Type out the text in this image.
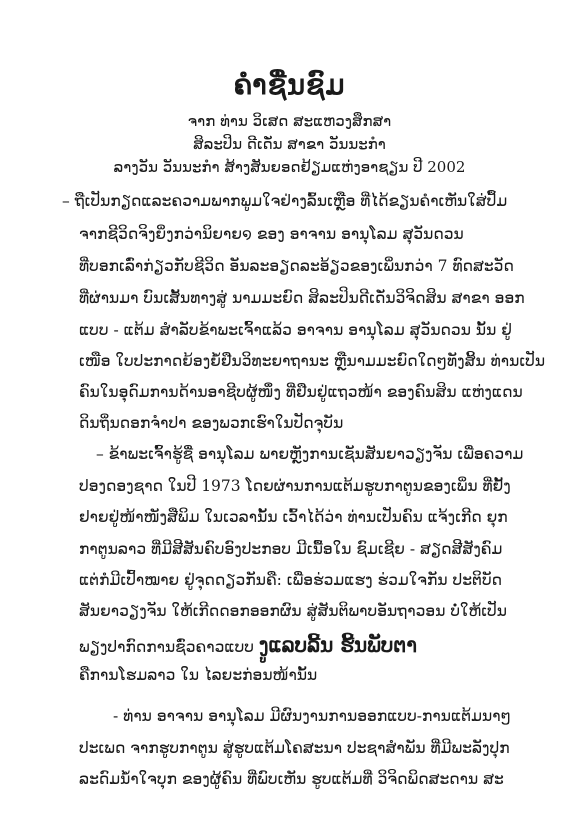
ຄຳຊື່ນຊົມ
ຈາກ ທ່ານ ວິເສດ ສະແຫວງສຶກສາ
ສິລະປິນ ດີເດັ່ນ ສາຂາ ວັນນະກຳ
ລາງວັນ ວັນນະກຳ ສ້າງສັນຍອດຢ້ຽມແຫ່ງອາຊຽນ ປີ 2002
– ຖືເປັນກຽດແລະຄວາມພາກພູມໃຈຢ່າງລົ້ນເຫຼືອ ທີ່ໄດ້ຂຽນຄຳເຫັນໃສ່ປຶ້ມ
ຈາກຊີວິດຈິງຍິ່ງກວ່ານິຍາຍ໑ ຂອງ ອາຈານ ອານຸໂລມ ສຸວັນດວນ
ທີ່ບອກເລົ່າກ່ຽວກັບຊີວິດ ອັນລະອຽດລະອ້ຽວຂອງເພິ່ນກວ່າ 7 ທົດສະວັດ
ທີ່ຜ່ານມາ ບົນເສັ້ນທາງສູ່ ນາມມະຍົດ ສິລະປິນດີເດັ່ນວິຈິດສິນ ສາຂາ ອອກ
ແບບ - ແຕ້ມ ສຳລັບຂ້າພະເຈົ້າແລ້ວ ອາຈານ ອານຸໂລມ ສຸວັນດວນ ນັ້ນ ຢູ່
ເໜືອ ໃບປະກາດຍ້ອງຍໍ້ຢືນວິທະຍາຖານະ ຫຼືນາມມະຍົດໃດໆທັງສິ້ນ ທ່ານເປັນ
ຄົນໃນອຸດົມການດ້ານອາຊີບຜູ້ໜຶ່ງ ທີ່ຢືນຢູ່ແຖວໜ້າ ຂອງຄົນສິນ ແຫ່ງແດນ
ດິນຖິ່ນດອກຈຳປາ ຂອງພວກເຮົາໃນປັດຈຸບັນ
– ຂ້າພະເຈົ້າຮູ້ຊື່ ອານຸໂລມ ພາຍຫຼັງການເຊັນສັນຍາວຽງຈັນ ເພື່ອຄວາມ
ປອງດອງຊາດ ໃນປີ 1973 ໂດຍຜ່ານການແຕ້ມຮູບກາຕູນຂອງເພິ່ນ ທີ່ຢັ້ງ
ຢາຍຢູ່ໜ້າໜັງສືພິມ ໃນເວລານັ້ນ ເວົ້າໄດ້ວ່າ ທ່ານເປັນຄົນ ແຈ້ງເກີດ ຍຸກ
ກາຕູນລາວ ທີ່ມີສີສັນຄົບອົງປະກອບ ມີເນື້ອໃນ ຊົມເຊີຍ - ສຽດສີສັງຄົມ
ແຕ່ກໍມີເປົ້າໝາຍ ຢູ່ຈຸດດຽວກັນຄື: ເພື່ອຮ່ວມແຮງ ຮ່ວມໃຈກັນ ປະຕິບັດ
ສັນຍາວຽງຈັນ ໃຫ້ເກີດດອກອອກຜົນ ສູ່ສັນຕິພາບອັນຖາວອນ ບໍ່ໃຫ້ເປັນ
ພຽງປາກົດການຊົ່ວຄາວແບບ ງູແລບລີ້ນ ຮີ້ນພັບຕາ
ຄືການໂຮມລາວ ໃນ ໄລຍະກ່ອນໜ້ານັ້ນ
- ທ່ານ ອາຈານ ອານຸໂລມ ມີຜົນງານການອອກແບບ-ການແຕ້ມນາໆ
ປະເພດ ຈາກຮູບກາຕູນ ສູ່ຮູບແຕ້ມໂຄສະນາ ປະຊາສຳພັນ ທີ່ມີພະລັງປຸກ
ລະດົມນ້ຳໃຈບຸກ ຂອງຜູ້ຄົນ ທີ່ພົບເຫັນ ຮູບແຕ້ມທີ່ ວິຈິດພິດສະດານ ສະ
